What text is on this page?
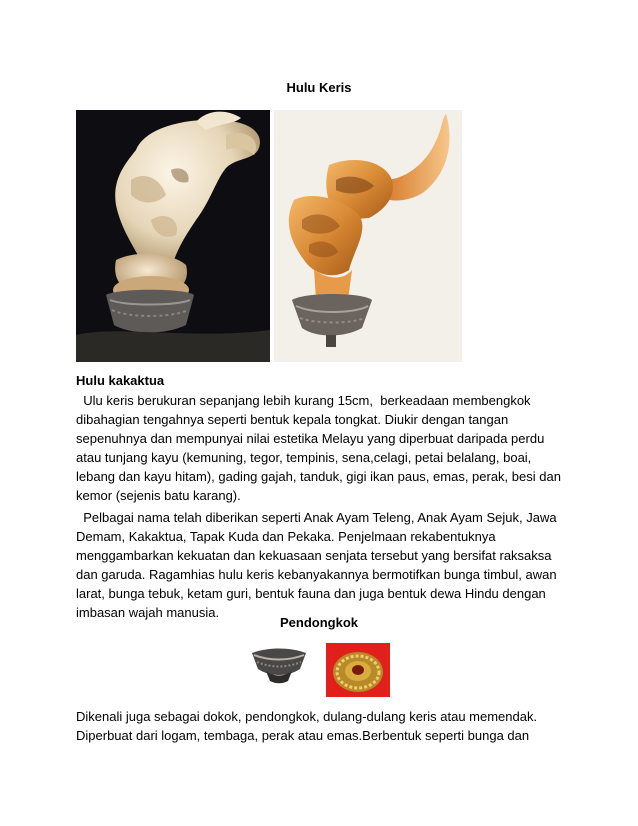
Hulu Keris
Hulu kakaktua
Ulu keris berukuran sepanjang lebih kurang 15cm,  berkeadaan membengkok dibahagian tengahnya seperti bentuk kepala tongkat. Diukir dengan tangan sepenuhnya dan mempunyai nilai estetika Melayu yang diperbuat daripada perdu atau tunjang kayu (kemuning, tegor, tempinis, sena,celagi, petai belalang, boai, lebang dan kayu hitam), gading gajah, tanduk, gigi ikan paus, emas, perak, besi dan kemor (sejenis batu karang).
Pelbagai nama telah diberikan seperti Anak Ayam Teleng, Anak Ayam Sejuk, Jawa Demam, Kakaktua, Tapak Kuda dan Pekaka. Penjelmaan rekabentuknya menggambarkan kekuatan dan kekuasaan senjata tersebut yang bersifat raksaksa dan garuda. Ragamhias hulu keris kebanyakannya bermotifkan bunga timbul, awan larat, bunga tebuk, ketam guri, bentuk fauna dan juga bentuk dewa Hindu dengan imbasan wajah manusia.
Pendongkok
Dikenali juga sebagai dokok, pendongkok, dulang-dulang keris atau memendak. Diperbuat dari logam, tembaga, perak atau emas.Berbentuk seperti bunga dan
